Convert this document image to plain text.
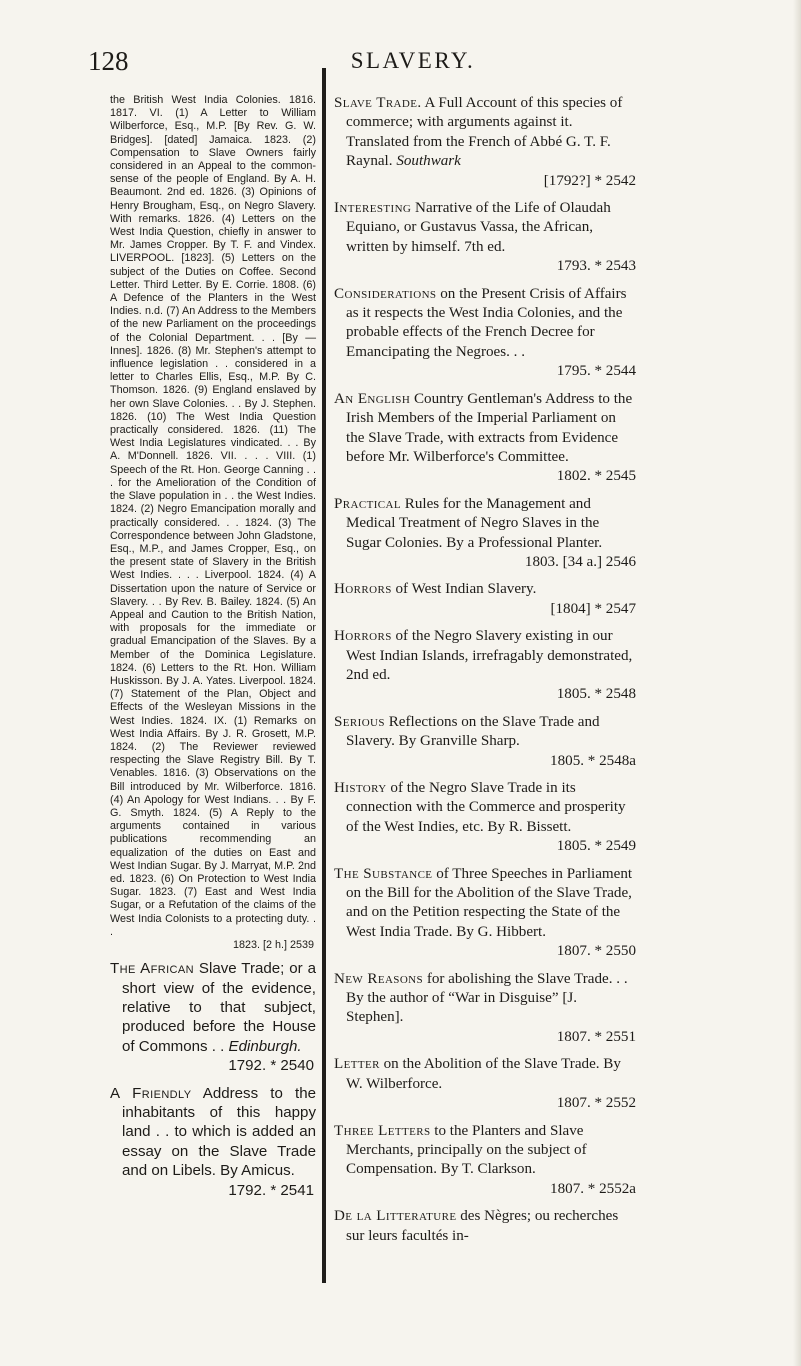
128	SLAVERY.
the British West India Colonies. 1816. 1817. VI. (1) A Letter to William Wilberforce, Esq., M.P. [By Rev. G. W. Bridges]. [dated] Jamaica. 1823. (2) Compensation to Slave Owners fairly considered in an Appeal to the common-sense of the people of England. By A. H. Beaumont. 2nd ed. 1826. (3) Opinions of Henry Brougham, Esq., on Negro Slavery. With remarks. 1826. (4) Letters on the West India Question, chiefly in answer to Mr. James Cropper. By T. F. and Vindex. LIVERPOOL. [1823]. (5) Letters on the subject of the Duties on Coffee. Second Letter. Third Letter. By E. Corrie. 1808. (6) A Defence of the Planters in the West Indies. n.d. (7) An Address to the Members of the new Parliament on the proceedings of the Colonial Department. . . [By — Innes]. 1826. (8) Mr. Stephen's attempt to influence legislation . . considered in a letter to Charles Ellis, Esq., M.P. By C. Thomson. 1826. (9) England enslaved by her own Slave Colonies. . . By J. Stephen. 1826. (10) The West India Question practically considered. 1826. (11) The West India Legislatures vindicated. . . By A. M'Donnell. 1826. VII. . . . VIII. (1) Speech of the Rt. Hon. George Canning . . . for the Amelioration of the Condition of the Slave population in . . the West Indies. 1824. (2) Negro Emancipation morally and practically considered. . . 1824. (3) The Correspondence between John Gladstone, Esq., M.P., and James Cropper, Esq., on the present state of Slavery in the British West Indies. . . . Liverpool. 1824. (4) A Dissertation upon the nature of Service or Slavery. . . By Rev. B. Bailey. 1824. (5) An Appeal and Caution to the British Nation, with proposals for the immediate or gradual Emancipation of the Slaves. By a Member of the Dominica Legislature. 1824. (6) Letters to the Rt. Hon. William Huskisson. By J. A. Yates. Liverpool. 1824. (7) Statement of the Plan, Object and Effects of the Wesleyan Missions in the West Indies. 1824. IX. (1) Remarks on West India Affairs. By J. R. Grosett, M.P. 1824. (2) The Reviewer reviewed respecting the Slave Registry Bill. By T. Venables. 1816. (3) Observations on the Bill introduced by Mr. Wilberforce. 1816. (4) An Apology for West Indians. . . By F. G. Smyth. 1824. (5) A Reply to the arguments contained in various publications recommending an equalization of the duties on East and West Indian Sugar. By J. Marryat, M.P. 2nd ed. 1823. (6) On Protection to West India Sugar. 1823. (7) East and West India Sugar, or a Refutation of the claims of the West India Colonists to a protecting duty. . .
1823. [2 h.] 2539
The African Slave Trade; or a short view of the evidence, relative to that subject, produced before the House of Commons . . Edinburgh.
1792. * 2540
A Friendly Address to the inhabitants of this happy land . . to which is added an essay on the Slave Trade and on Libels. By Amicus.
1792. * 2541
Slave Trade. A Full Account of this species of commerce; with arguments against it. Translated from the French of Abbé G. T. F. Raynal. Southwark
[1792?] * 2542
Interesting Narrative of the Life of Olaudah Equiano, or Gustavus Vassa, the African, written by himself. 7th ed.
1793. * 2543
Considerations on the Present Crisis of Affairs as it respects the West India Colonies, and the probable effects of the French Decree for Emancipating the Negroes. . .
1795. * 2544
An English Country Gentleman's Address to the Irish Members of the Imperial Parliament on the Slave Trade, with extracts from Evidence before Mr. Wilberforce's Committee.
1802. * 2545
Practical Rules for the Management and Medical Treatment of Negro Slaves in the Sugar Colonies. By a Professional Planter.
1803. [34 a.] 2546
Horrors of West Indian Slavery.
[1804] * 2547
Horrors of the Negro Slavery existing in our West Indian Islands, irrefragably demonstrated, 2nd ed.
1805. * 2548
Serious Reflections on the Slave Trade and Slavery. By Granville Sharp.
1805. * 2548a
History of the Negro Slave Trade in its connection with the Commerce and prosperity of the West Indies, etc. By R. Bissett.
1805. * 2549
The Substance of Three Speeches in Parliament on the Bill for the Abolition of the Slave Trade, and on the Petition respecting the State of the West India Trade. By G. Hibbert.
1807. * 2550
New Reasons for abolishing the Slave Trade. . . By the author of “War in Disguise” [J. Stephen].
1807. * 2551
Letter on the Abolition of the Slave Trade. By W. Wilberforce.
1807. * 2552
Three Letters to the Planters and Slave Merchants, principally on the subject of Compensation. By T. Clarkson.
1807. * 2552a
De la Litterature des Nègres; ou recherches sur leurs facultés in-
